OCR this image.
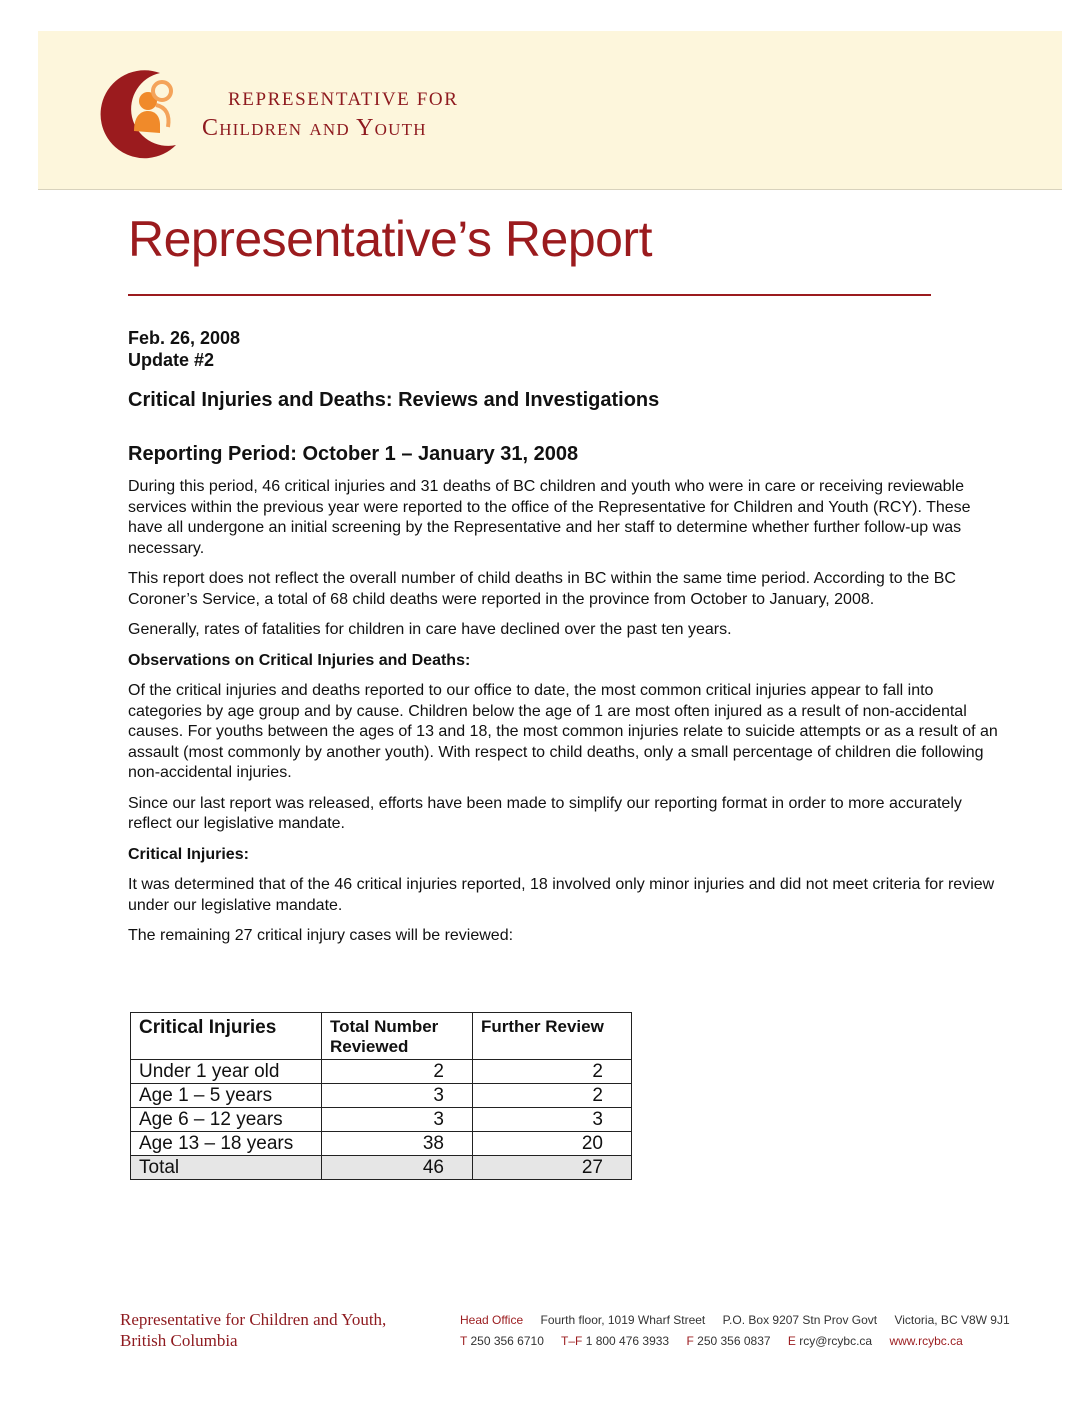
REPRESENTATIVE FOR
Children and Youth
Representative’s Report
Feb. 26, 2008
Update #2
Critical Injuries and Deaths: Reviews and Investigations
Reporting Period: October 1 – January 31, 2008

During this period, 46 critical injuries and 31 deaths of BC children and youth who were in care or receiving reviewable services within the previous year were reported to the office of the Representative for Children and Youth (RCY). These have all undergone an initial screening by the Representative and her staff to determine whether further follow-up was necessary.

This report does not reflect the overall number of child deaths in BC within the same time period. According to the BC Coroner’s Service, a total of 68 child deaths were reported in the province from October to January, 2008.

Generally, rates of fatalities for children in care have declined over the past ten years.

Observations on Critical Injuries and Deaths:

Of the critical injuries and deaths reported to our office to date, the most common critical injuries appear to fall into categories by age group and by cause. Children below the age of 1 are most often injured as a result of non-accidental causes. For youths between the ages of 13 and 18, the most common injuries relate to suicide attempts or as a result of an assault (most commonly by another youth). With respect to child deaths, only a small percentage of children die following non-accidental injuries.

Since our last report was released, efforts have been made to simplify our reporting format in order to more accurately reflect our legislative mandate.

Critical Injuries:

It was determined that of the 46 critical injuries reported, 18 involved only minor injuries and did not meet criteria for review under our legislative mandate.

The remaining 27 critical injury cases will be reviewed:

Critical Injuries	Total Number Reviewed	Further Review
Under 1 year old	2	2
Age 1 – 5 years	3	2
Age 6 – 12 years	3	3
Age 13 – 18 years	38	20
Total	46	27
Representative for Children and Youth,
British Columbia
Head Office Fourth floor, 1019 Wharf Street P.O. Box 9207 Stn Prov Govt Victoria, BC V8W 9J1
T 250 356 6710 T–F 1 800 476 3933 F 250 356 0837 E rcy@rcybc.ca www.rcybc.ca
